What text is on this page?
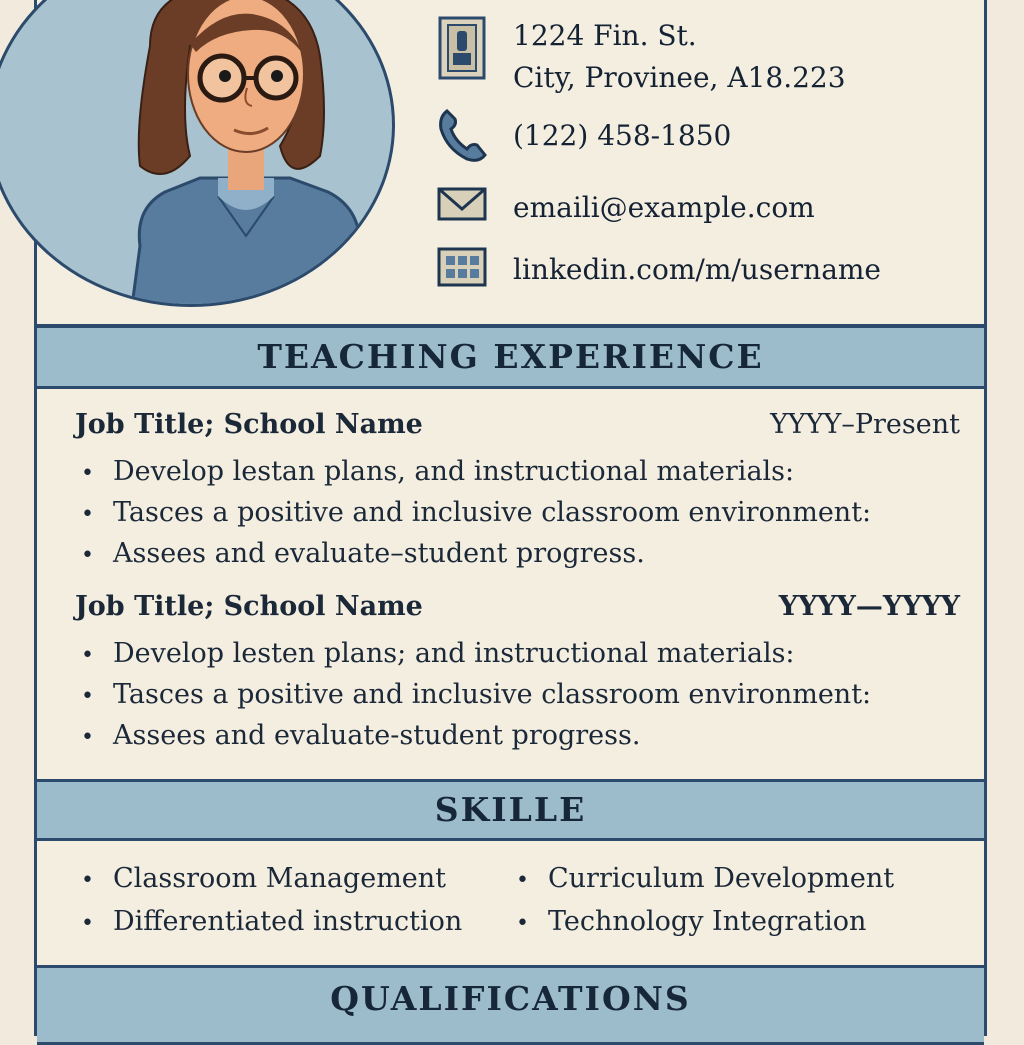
1224 Fin. St.
City, Provinee, A18.223
(122) 458-1850
emaili@example.com
linkedin.com/m/username
TEACHING EXPERIENCE
Job Title; School Name	YYYY–Present
• Develop lestan plans, and instructional materials:
• Tasces a positive and inclusive classroom environment:
• Assees and evaluate–student progress.
Job Title; School Name	YYYY—YYYY
• Develop lesten plans; and instructional materials:
• Tasces a positive and inclusive classroom environment:
• Assees and evaluate-student progress.
SKILLE
• Classroom Management	• Curriculum Development
• Differentiated instruction	• Technology Integration
QUALIFICATIONS
